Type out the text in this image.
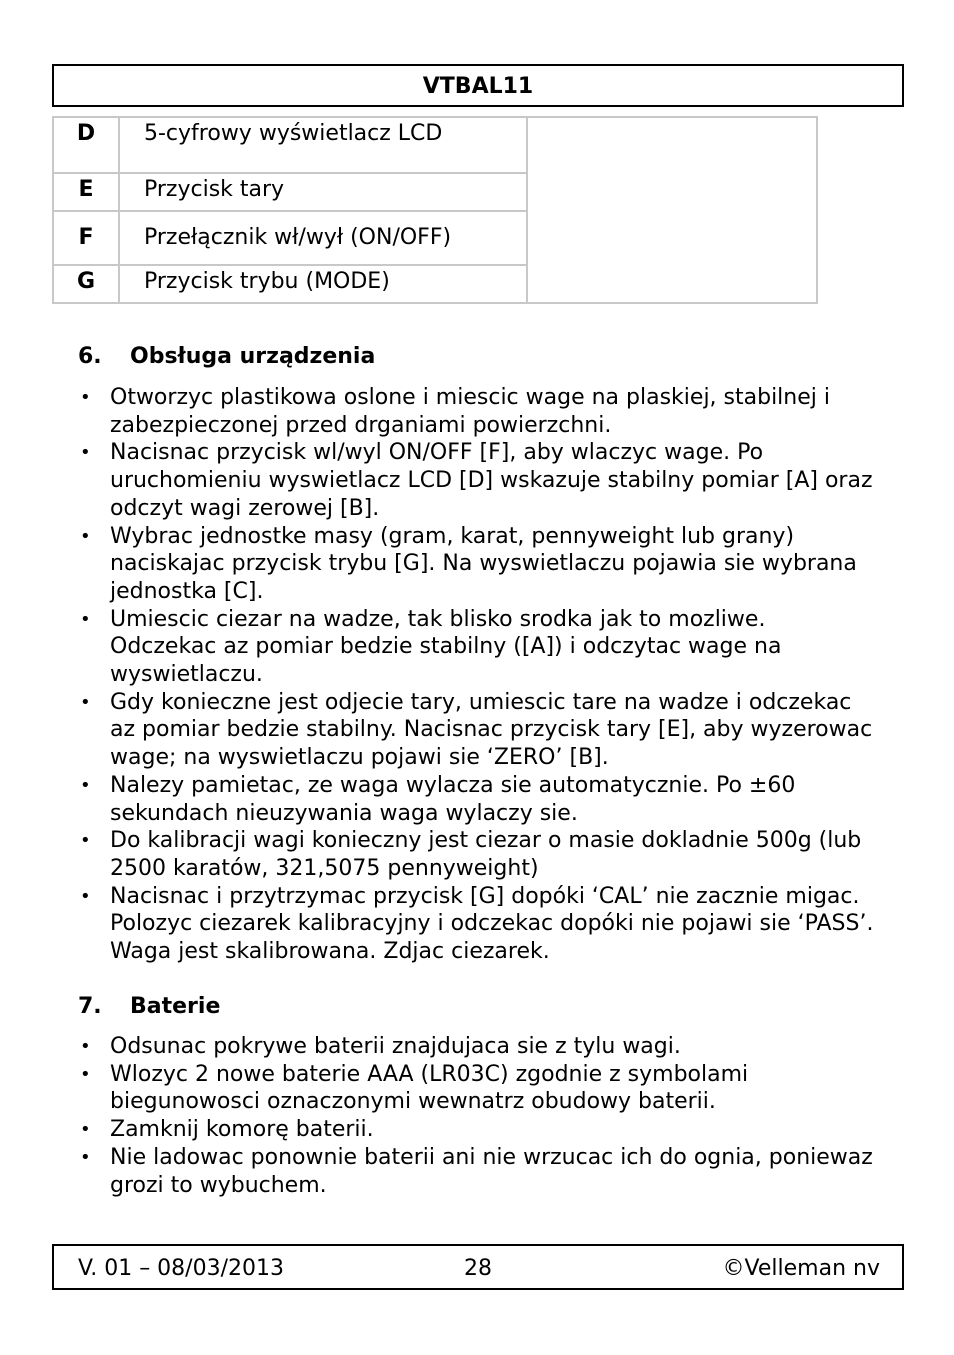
VTBAL11
D	5-cyfrowy wyświetlacz LCD	
E	Przycisk tary	
F	Przełącznik wł/wył (ON/OFF)	
G	Przycisk trybu (MODE)	
6. Obsługa urządzenia
• Otworzyc plastikowa oslone i miescic wage na plaskiej, stabilnej i zabezpieczonej przed drganiami powierzchni.
• Nacisnac przycisk wl/wyl ON/OFF [F], aby wlaczyc wage. Po uruchomieniu wyswietlacz LCD [D] wskazuje stabilny pomiar [A] oraz odczyt wagi zerowej [B].
• Wybrac jednostke masy (gram, karat, pennyweight lub grany) naciskajac przycisk trybu [G]. Na wyswietlaczu pojawia sie wybrana jednostka [C].
• Umiescic ciezar na wadze, tak blisko srodka jak to mozliwe. Odczekac az pomiar bedzie stabilny ([A]) i odczytac wage na wyswietlaczu.
• Gdy konieczne jest odjecie tary, umiescic tare na wadze i odczekac az pomiar bedzie stabilny. Nacisnac przycisk tary [E], aby wyzerowac wage; na wyswietlaczu pojawi sie ‘ZERO’ [B].
• Nalezy pamietac, ze waga wylacza sie automatycznie. Po ±60 sekundach nieuzywania waga wylaczy sie.
• Do kalibracji wagi konieczny jest ciezar o masie dokladnie 500g (lub 2500 karatów, 321,5075 pennyweight)
• Nacisnac i przytrzymac przycisk [G] dopóki ‘CAL’ nie zacznie migac. Polozyc ciezarek kalibracyjny i odczekac dopóki nie pojawi sie ‘PASS’. Waga jest skalibrowana. Zdjac ciezarek.
7. Baterie
• Odsunac pokrywe baterii znajdujaca sie z tylu wagi.
• Wlozyc 2 nowe baterie AAA (LR03C) zgodnie z symbolami biegunowosci oznaczonymi wewnatrz obudowy baterii.
• Zamknij komorę baterii.
• Nie ladowac ponownie baterii ani nie wrzucac ich do ognia, poniewaz grozi to wybuchem.
V. 01 – 08/03/2013	28	©Velleman nv
